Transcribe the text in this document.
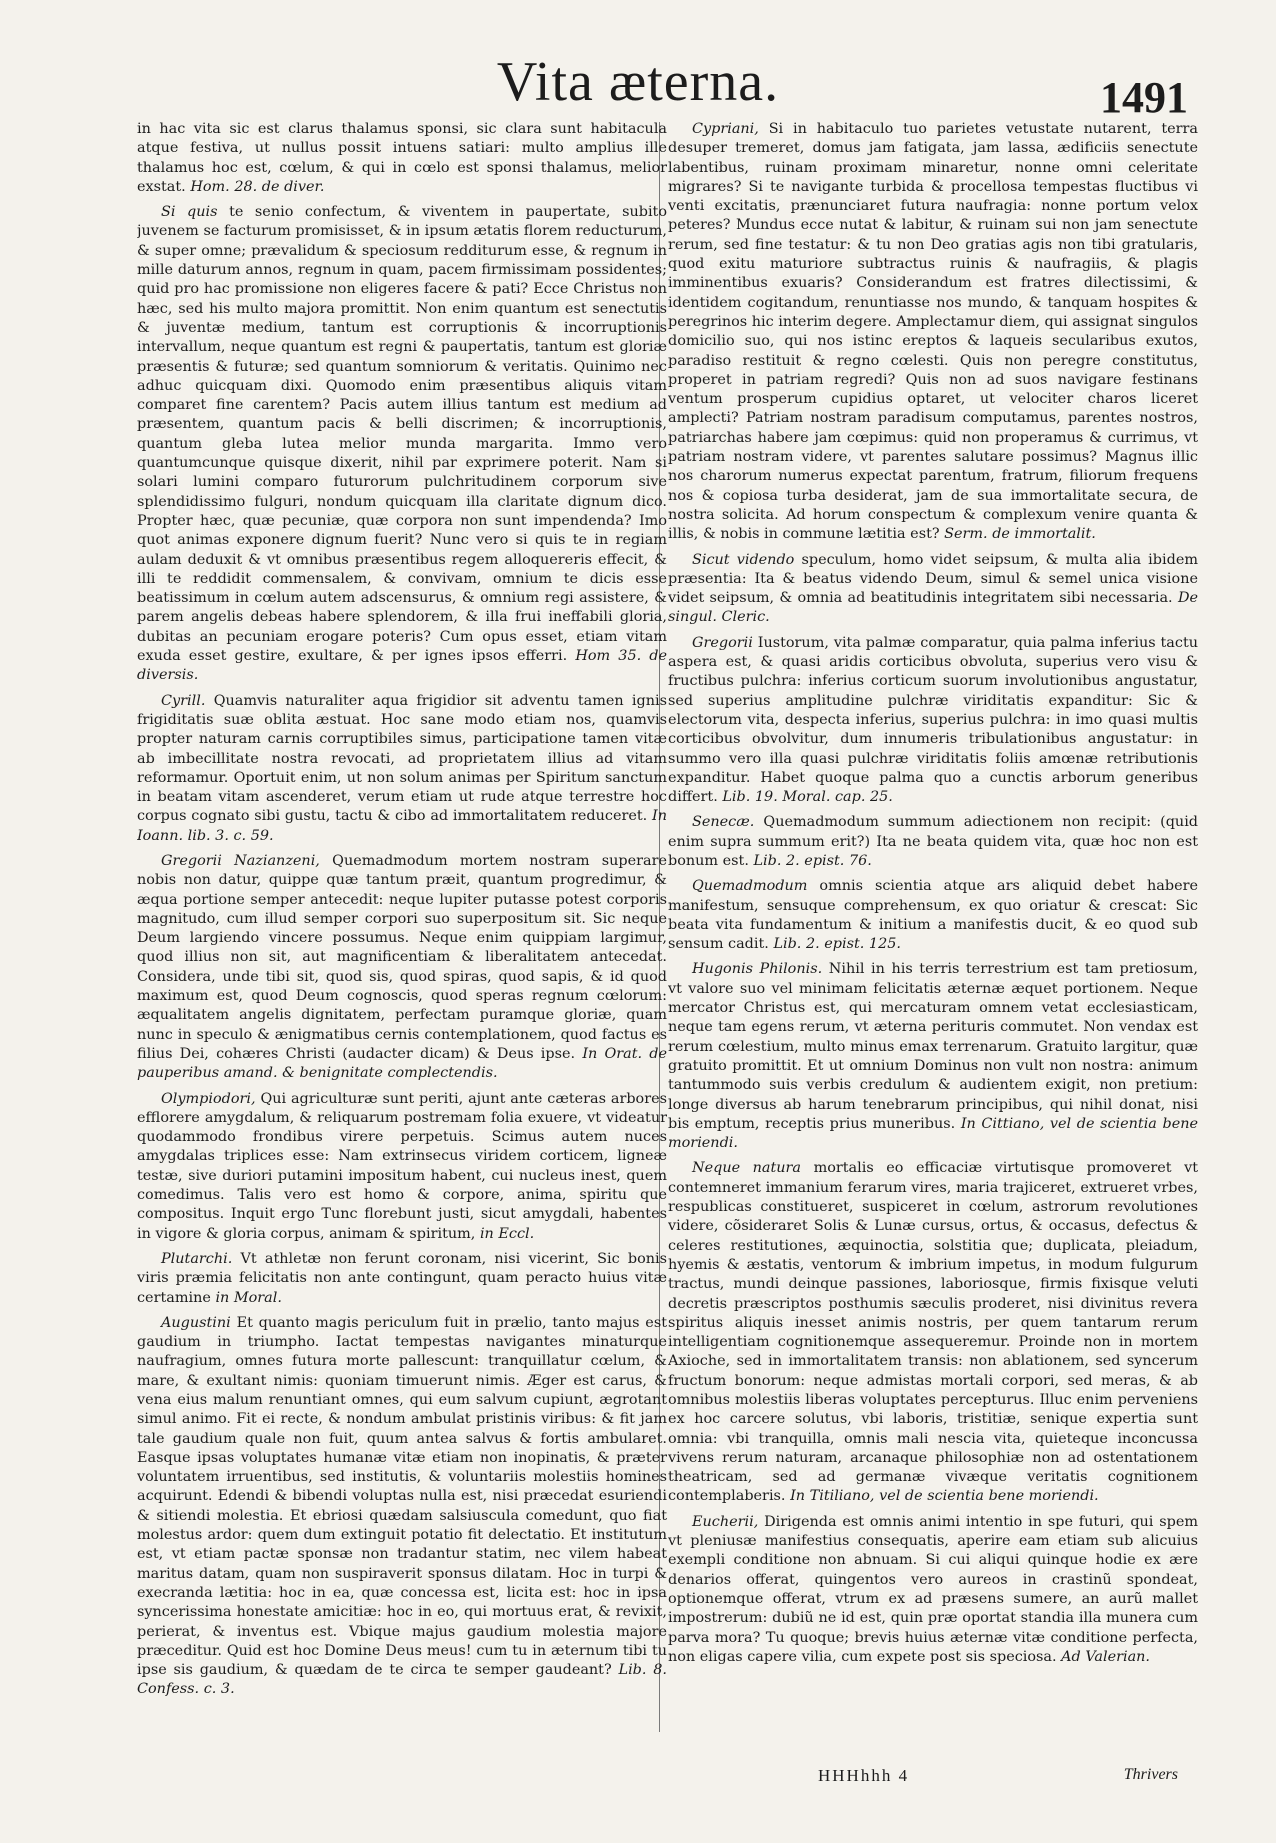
Vita æterna.	1491

in hac vita sic est clarus thalamus sponsi, sic clara sunt habitacula atque festiva, ut nullus possit intuens satiari: multo amplius ille thalamus hoc est, cœlum, & qui in cœlo est sponsi thalamus, melior exstat. Hom. 28. de diver.

Si quis te senio confectum, & viventem in paupertate, subito juvenem se facturum promisisset, & in ipsum ætatis florem reducturum, & super omne; prævalidum & speciosum redditurum esse, & regnum in mille daturum annos, regnum in quam, pacem firmissimam possidentes; quid pro hac promissione non eligeres facere & pati? Ecce Christus non hæc, sed his multo majora promittit. Non enim quantum est senectutis & juventæ medium, tantum est corruptionis & incorruptionis intervallum, neque quantum est regni & paupertatis, tantum est gloriæ præsentis & futuræ; sed quantum somniorum & veritatis. Quinimo nec adhuc quicquam dixi. Quomodo enim præsentibus aliquis vitam comparet fine carentem? Pacis autem illius tantum est medium ad præsentem, quantum pacis & belli discrimen; & incorruptionis, quantum gleba lutea melior munda margarita. Immo vero quantumcunque quisque dixerit, nihil par exprimere poterit. Nam si solari lumini comparo futurorum pulchritudinem corporum sive splendidissimo fulguri, nondum quicquam illa claritate dignum dico. Propter hæc, quæ pecuniæ, quæ corpora non sunt impendenda? Imo quot animas exponere dignum fuerit? Nunc vero si quis te in regiam aulam deduxit & vt omnibus præsentibus regem alloquereris effecit, & illi te reddidit commensalem, & convivam, omnium te dicis esse beatissimum in cœlum autem adscensurus, & omnium regi assistere, & parem angelis debeas habere splendorem, & illa frui ineffabili gloria, dubitas an pecuniam erogare poteris? Cum opus esset, etiam vitam exuda esset gestire, exultare, & per ignes ipsos efferri. Hom 35. de diversis.

Cyrill. Quamvis naturaliter aqua frigidior sit adventu tamen ignis frigiditatis suæ oblita æstuat. Hoc sane modo etiam nos, quamvis propter naturam carnis corruptibiles simus, participatione tamen vitæ ab imbecillitate nostra revocati, ad proprietatem illius ad vitam reformamur. Oportuit enim, ut non solum animas per Spiritum sanctum in beatam vitam ascenderet, verum etiam ut rude atque terrestre hoc corpus cognato sibi gustu, tactu & cibo ad immortalitatem reduceret. In Ioann. lib. 3. c. 59.

Gregorii Nazianzeni, Quemadmodum mortem nostram superare nobis non datur, quippe quæ tantum præit, quantum progredimur, & æqua portione semper antecedit: neque lupiter putasse potest corporis magnitudo, cum illud semper corpori suo superpositum sit. Sic neque Deum largiendo vincere possumus. Neque enim quippiam largimur, quod illius non sit, aut magnificentiam & liberalitatem antecedat. Considera, unde tibi sit, quod sis, quod spiras, quod sapis, & id quod maximum est, quod Deum cognoscis, quod speras regnum cœlorum: æqualitatem angelis dignitatem, perfectam puramque gloriæ, quam nunc in speculo & ænigmatibus cernis contemplationem, quod factus es filius Dei, cohæres Christi (audacter dicam) & Deus ipse. In Orat. de pauperibus amand. & benignitate complectendis.

Olympiodori, Qui agriculturæ sunt periti, ajunt ante cæteras arbores efflorere amygdalum, & reliquarum postremam folia exuere, vt videatur quodammodo frondibus virere perpetuis. Scimus autem nuces amygdalas triplices esse: Nam extrinsecus viridem corticem, ligneæ testæ, sive duriori putamini impositum habent, cui nucleus inest, quem comedimus. Talis vero est homo & corpore, anima, spiritu que compositus. Inquit ergo Tunc florebunt justi, sicut amygdali, habentes in vigore & gloria corpus, animam & spiritum, in Eccl.

Plutarchi. Vt athletæ non ferunt coronam, nisi vicerint, Sic bonis viris præmia felicitatis non ante contingunt, quam peracto huius vitæ certamine in Moral.

Augustini Et quanto magis periculum fuit in prælio, tanto majus est gaudium in triumpho. Iactat tempestas navigantes minaturque naufragium, omnes futura morte pallescunt: tranquillatur cœlum, & mare, & exultant nimis: quoniam timuerunt nimis. Æger est carus, & vena eius malum renuntiant omnes, qui eum salvum cupiunt, ægrotant simul animo. Fit ei recte, & nondum ambulat pristinis viribus: & fit jam tale gaudium quale non fuit, quum antea salvus & fortis ambularet. Easque ipsas voluptates humanæ vitæ etiam non inopinatis, & præter voluntatem irruentibus, sed institutis, & voluntariis molestiis homines acquirunt. Edendi & bibendi voluptas nulla est, nisi præcedat esuriendi & sitiendi molestia. Et ebriosi quædam salsiuscula comedunt, quo fiat molestus ardor: quem dum extinguit potatio fit delectatio. Et institutum est, vt etiam pactæ sponsæ non tradantur statim, nec vilem habeat maritus datam, quam non suspiraverit sponsus dilatam. Hoc in turpi & execranda lætitia: hoc in ea, quæ concessa est, licita est: hoc in ipsa syncerissima honestate amicitiæ: hoc in eo, qui mortuus erat, & revixit, perierat, & inventus est. Vbique majus gaudium molestia majore præceditur. Quid est hoc Domine Deus meus! cum tu in æternum tibi tu ipse sis gaudium, & quædam de te circa te semper gaudeant? Lib. 8. Confess. c. 3.

Cypriani, Si in habitaculo tuo parietes vetustate nutarent, terra desuper tremeret, domus jam fatigata, jam lassa, ædificiis senectute labentibus, ruinam proximam minaretur, nonne omni celeritate migrares? Si te navigante turbida & procellosa tempestas fluctibus vi venti excitatis, prænunciaret futura naufragia: nonne portum velox peteres? Mundus ecce nutat & labitur, & ruinam sui non jam senectute rerum, sed fine testatur: & tu non Deo gratias agis non tibi gratularis, quod exitu maturiore subtractus ruinis & naufragiis, & plagis imminentibus exuaris? Considerandum est fratres dilectissimi, & identidem cogitandum, renuntiasse nos mundo, & tanquam hospites & peregrinos hic interim degere. Amplectamur diem, qui assignat singulos domicilio suo, qui nos istinc ereptos & laqueis secularibus exutos, paradiso restituit & regno cœlesti. Quis non peregre constitutus, properet in patriam regredi? Quis non ad suos navigare festinans ventum prosperum cupidius optaret, ut velociter charos liceret amplecti? Patriam nostram paradisum computamus, parentes nostros, patriarchas habere jam cœpimus: quid non properamus & currimus, vt patriam nostram videre, vt parentes salutare possimus? Magnus illic nos charorum numerus expectat parentum, fratrum, filiorum frequens nos & copiosa turba desiderat, jam de sua immortalitate secura, de nostra solicita. Ad horum conspectum & complexum venire quanta & illis, & nobis in commune lætitia est? Serm. de immortalit.

Sicut videndo speculum, homo videt seipsum, & multa alia ibidem præsentia: Ita & beatus videndo Deum, simul & semel unica visione videt seipsum, & omnia ad beatitudinis integritatem sibi necessaria. De singul. Cleric.

Gregorii Iustorum, vita palmæ comparatur, quia palma inferius tactu aspera est, & quasi aridis corticibus obvoluta, superius vero visu & fructibus pulchra: inferius corticum suorum involutionibus angustatur, sed superius amplitudine pulchræ viriditatis expanditur: Sic & electorum vita, despecta inferius, superius pulchra: in imo quasi multis corticibus obvolvitur, dum innumeris tribulationibus angustatur: in summo vero illa quasi pulchræ viriditatis foliis amœnæ retributionis expanditur. Habet quoque palma quo a cunctis arborum generibus differt. Lib. 19. Moral. cap. 25.

Senecæ. Quemadmodum summum adiectionem non recipit: (quid enim supra summum erit?) Ita ne beata quidem vita, quæ hoc non est bonum est. Lib. 2. epist. 76.

Quemadmodum omnis scientia atque ars aliquid debet habere manifestum, sensuque comprehensum, ex quo oriatur & crescat: Sic beata vita fundamentum & initium a manifestis ducit, & eo quod sub sensum cadit. Lib. 2. epist. 125.

Hugonis Philonis. Nihil in his terris terrestrium est tam pretiosum, vt valore suo vel minimam felicitatis æternæ æquet portionem. Neque mercator Christus est, qui mercaturam omnem vetat ecclesiasticam, neque tam egens rerum, vt æterna perituris commutet. Non vendax est rerum cœlestium, multo minus emax terrenarum. Gratuito largitur, quæ gratuito promittit. Et ut omnium Dominus non vult non nostra: animum tantummodo suis verbis credulum & audientem exigit, non pretium: longe diversus ab harum tenebrarum principibus, qui nihil donat, nisi bis emptum, receptis prius muneribus. In Cittiano, vel de scientia bene moriendi.

Neque natura mortalis eo efficaciæ virtutisque promoveret vt contemneret immanium ferarum vires, maria trajiceret, extrueret vrbes, respublicas constitueret, suspiceret in cœlum, astrorum revolutiones videre, cõsideraret Solis & Lunæ cursus, ortus, & occasus, defectus & celeres restitutiones, æquinoctia, solstitia que; duplicata, pleiadum, hyemis & æstatis, ventorum & imbrium impetus, in modum fulgurum tractus, mundi deinque passiones, laboriosque, firmis fixisque veluti decretis præscriptos posthumis sæculis proderet, nisi divinitus revera spiritus aliquis inesset animis nostris, per quem tantarum rerum intelligentiam cognitionemque assequeremur. Proinde non in mortem Axioche, sed in immortalitatem transis: non ablationem, sed syncerum fructum bonorum: neque admistas mortali corpori, sed meras, & ab omnibus molestiis liberas voluptates percepturus. Illuc enim perveniens ex hoc carcere solutus, vbi laboris, tristitiæ, senique expertia sunt omnia: vbi tranquilla, omnis mali nescia vita, quieteque inconcussa vivens rerum naturam, arcanaque philosophiæ non ad ostentationem theatricam, sed ad germanæ vivæque veritatis cognitionem contemplaberis. In Titiliano, vel de scientia bene moriendi.

Eucherii, Dirigenda est omnis animi intentio in spe futuri, qui spem vt pleniusæ manifestius consequatis, aperire eam etiam sub alicuius exempli conditione non abnuam. Si cui aliqui quinque hodie ex ære denarios offerat, quingentos vero aureos in crastinũ spondeat, optionemque offerat, vtrum ex ad præsens sumere, an aurũ mallet impostrerum: dubiũ ne id est, quin præ oportat standia illa munera cum parva mora? Tu quoque; brevis huius æternæ vitæ conditione perfecta, non eligas capere vilia, cum expete post sis speciosa. Ad Valerian.

HHHhhh 4	Thrivers
